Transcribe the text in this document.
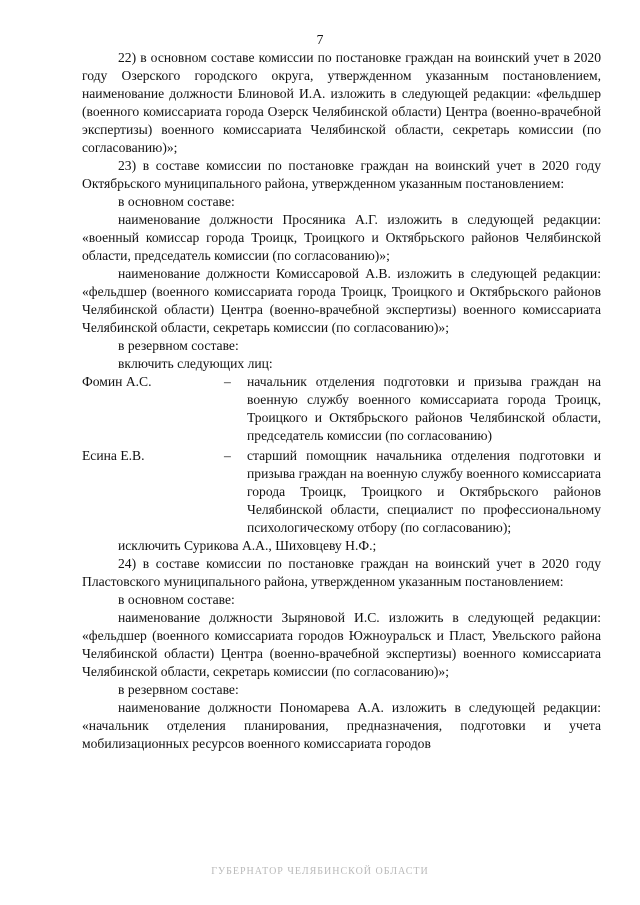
7

22) в основном составе комиссии по постановке граждан на воинский учет в 2020 году Озерского городского округа, утвержденном указанным постановлением, наименование должности Блиновой И.А. изложить в следующей редакции: «фельдшер (военного комиссариата города Озерск Челябинской области) Центра (военно-врачебной экспертизы) военного комиссариата Челябинской области, секретарь комиссии (по согласованию)»;

23) в составе комиссии по постановке граждан на воинский учет в 2020 году Октябрьского муниципального района, утвержденном указанным постановлением:

в основном составе:

наименование должности Просяника А.Г. изложить в следующей редакции: «военный комиссар города Троицк, Троицкого и Октябрьского районов Челябинской области, председатель комиссии (по согласованию)»;

наименование должности Комиссаровой А.В. изложить в следующей редакции: «фельдшер (военного комиссариата города Троицк, Троицкого и Октябрьского районов Челябинской области) Центра (военно-врачебной экспертизы) военного комиссариата Челябинской области, секретарь комиссии (по согласованию)»;

в резервном составе:

включить следующих лиц:

Фомин А.С.	– начальник отделения подготовки и призыва граждан на военную службу военного комиссариата города Троицк, Троицкого и Октябрьского районов Челябинской области, председатель комиссии (по согласованию)

Есина Е.В.	– старший помощник начальника отделения подготовки и призыва граждан на военную службу военного комиссариата города Троицк, Троицкого и Октябрьского районов Челябинской области, специалист по профессиональному психологическому отбору (по согласованию);

исключить Сурикова А.А., Шиховцеву Н.Ф.;

24) в составе комиссии по постановке граждан на воинский учет в 2020 году Пластовского муниципального района, утвержденном указанным постановлением:

в основном составе:

наименование должности Зыряновой И.С. изложить в следующей редакции: «фельдшер (военного комиссариата городов Южноуральск и Пласт, Увельского района Челябинской области) Центра (военно-врачебной экспертизы) военного комиссариата Челябинской области, секретарь комиссии (по согласованию)»;

в резервном составе:

наименование должности Пономарева А.А. изложить в следующей редакции: «начальник отделения планирования, предназначения, подготовки и учета мобилизационных ресурсов военного комиссариата городов

ГУБЕРНАТОР ЧЕЛЯБИНСКОЙ ОБЛАСТИ
